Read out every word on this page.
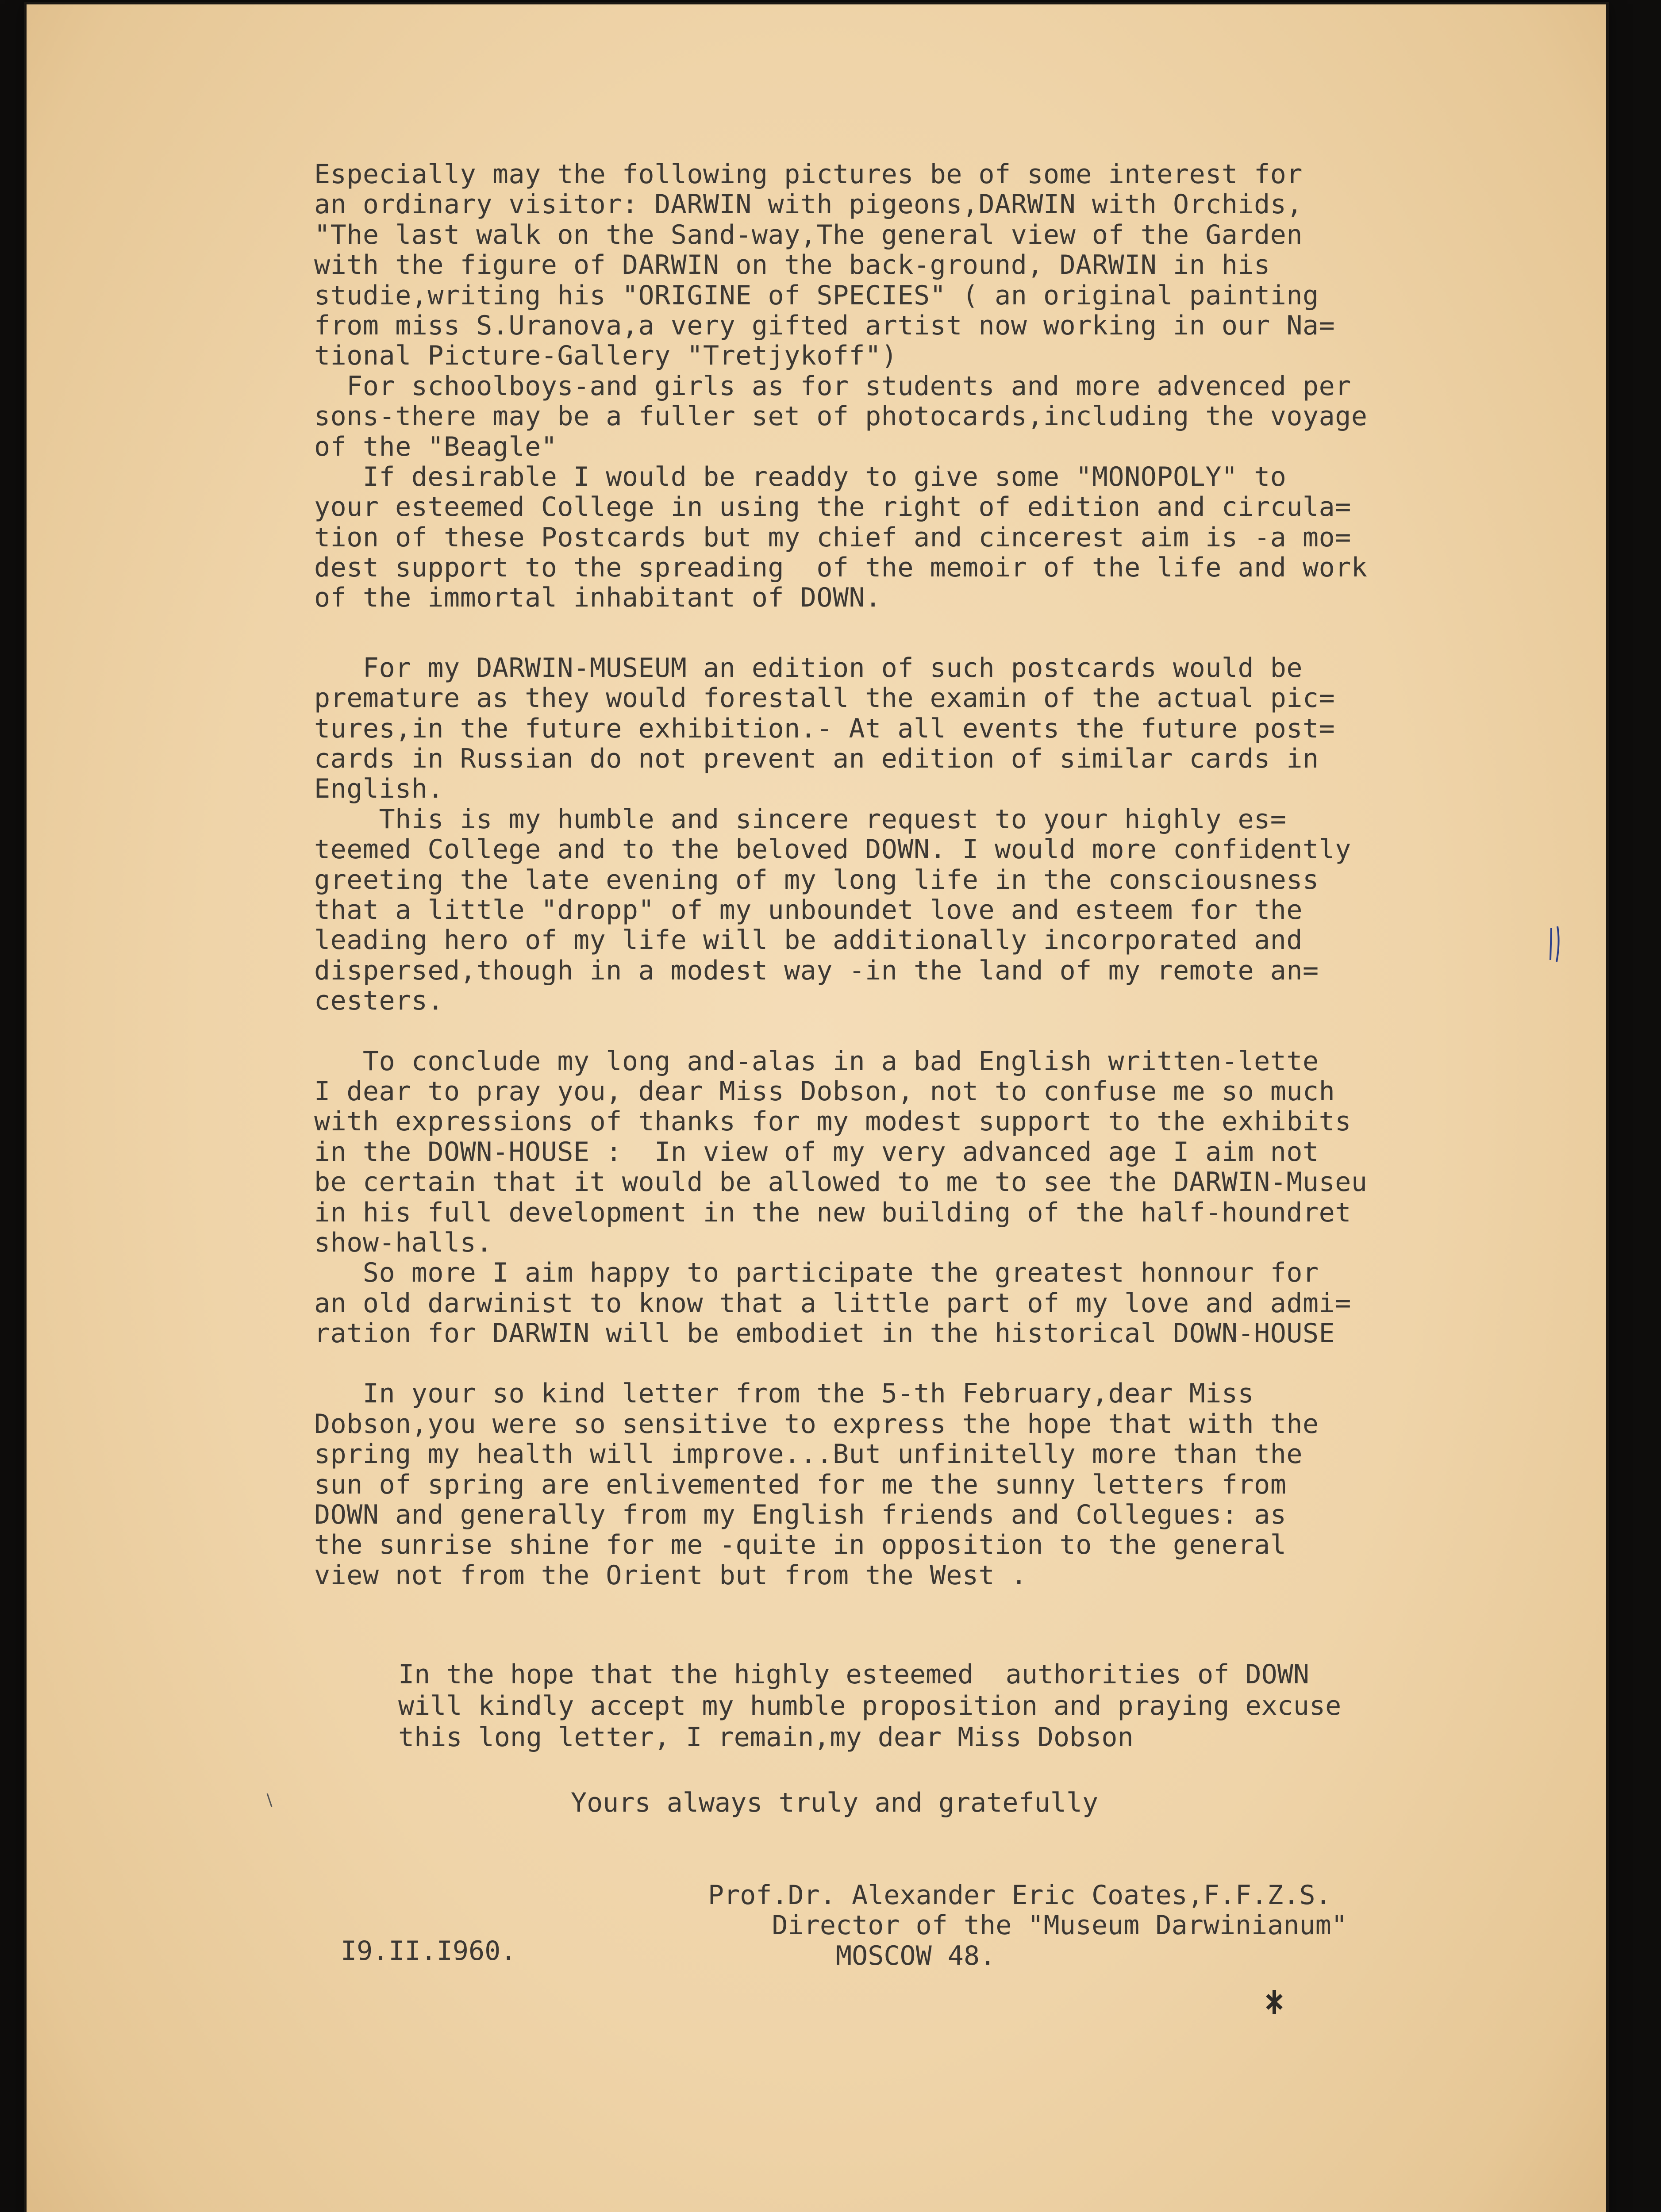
Especially may the following pictures be of some interest for
an ordinary visitor: DARWIN with pigeons,DARWIN with Orchids,
"The last walk on the Sand-way,The general view of the Garden
with the figure of DARWIN on the back-ground, DARWIN in his
studie,writing his "ORIGINE of SPECIES" ( an original painting
from miss S.Uranova,a very gifted artist now working in our Na=
tional Picture-Gallery "Tretjykoff")
For schoolboys-and girls as for students and more advenced per
sons-there may be a fuller set of photocards,including the voyage
of the "Beagle"
If desirable I would be readdy to give some "MONOPOLY" to
your esteemed College in using the right of edition and circula=
tion of these Postcards but my chief and cincerest aim is -a mo=
dest support to the spreading  of the memoir of the life and work
of the immortal inhabitant of DOWN.
For my DARWIN-MUSEUM an edition of such postcards would be
premature as they would forestall the examin of the actual pic=
tures,in the future exhibition.- At all events the future post=
cards in Russian do not prevent an edition of similar cards in
English.
This is my humble and sincere request to your highly es=
teemed College and to the beloved DOWN. I would more confidently
greeting the late evening of my long life in the consciousness
that a little "dropp" of my unboundet love and esteem for the
leading hero of my life will be additionally incorporated and
dispersed,though in a modest way -in the land of my remote an=
cesters.
To conclude my long and-alas in a bad English written-lette
I dear to pray you, dear Miss Dobson, not to confuse me so much
with expressions of thanks for my modest support to the exhibits
in the DOWN-HOUSE :  In view of my very advanced age I aim not
be certain that it would be allowed to me to see the DARWIN-Museu
in his full development in the new building of the half-houndret
show-halls.
So more I aim happy to participate the greatest honnour for
an old darwinist to know that a little part of my love and admi=
ration for DARWIN will be embodiet in the historical DOWN-HOUSE
In your so kind letter from the 5-th February,dear Miss
Dobson,you were so sensitive to express the hope that with the
spring my health will improve...But unfinitelly more than the
sun of spring are enlivemented for me the sunny letters from
DOWN and generally from my English friends and Collegues: as
the sunrise shine for me -quite in opposition to the general
view not from the Orient but from the West .
In the hope that the highly esteemed  authorities of DOWN
will kindly accept my humble proposition and praying excuse
this long letter, I remain,my dear Miss Dobson
Yours always truly and gratefully
Prof.Dr. Alexander Eric Coates,F.F.Z.S.
Director of the "Museum Darwinianum"
MOSCOW 48.
I9.II.I960.
